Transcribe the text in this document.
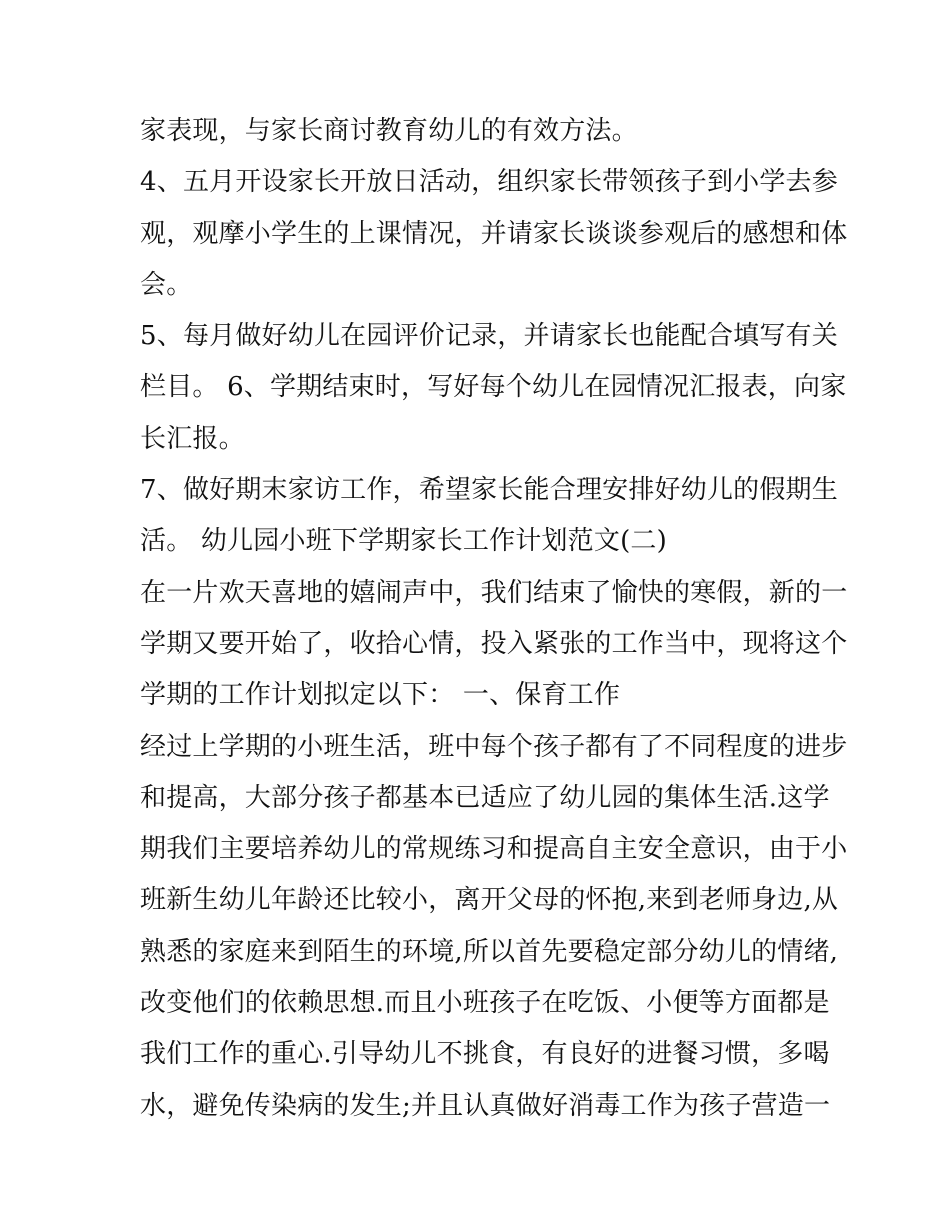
家表现，与家长商讨教育幼儿的有效方法。
4、五月开设家长开放日活动，组织家长带领孩子到小学去参
观，观摩小学生的上课情况，并请家长谈谈参观后的感想和体
会。
5、每月做好幼儿在园评价记录，并请家长也能配合填写有关
栏目。 6、学期结束时，写好每个幼儿在园情况汇报表，向家
长汇报。
7、做好期末家访工作，希望家长能合理安排好幼儿的假期生
活。 幼儿园小班下学期家长工作计划范文(二)
在一片欢天喜地的嬉闹声中，我们结束了愉快的寒假，新的一
学期又要开始了，收拾心情，投入紧张的工作当中，现将这个
学期的工作计划拟定以下： 一、保育工作
经过上学期的小班生活，班中每个孩子都有了不同程度的进步
和提高，大部分孩子都基本已适应了幼儿园的集体生活.这学
期我们主要培养幼儿的常规练习和提高自主安全意识，由于小
班新生幼儿年龄还比较小，离开父母的怀抱,来到老师身边,从
熟悉的家庭来到陌生的环境,所以首先要稳定部分幼儿的情绪,
改变他们的依赖思想.而且小班孩子在吃饭、小便等方面都是
我们工作的重心.引导幼儿不挑食，有良好的进餐习惯，多喝
水，避免传染病的发生;并且认真做好消毒工作为孩子营造一
